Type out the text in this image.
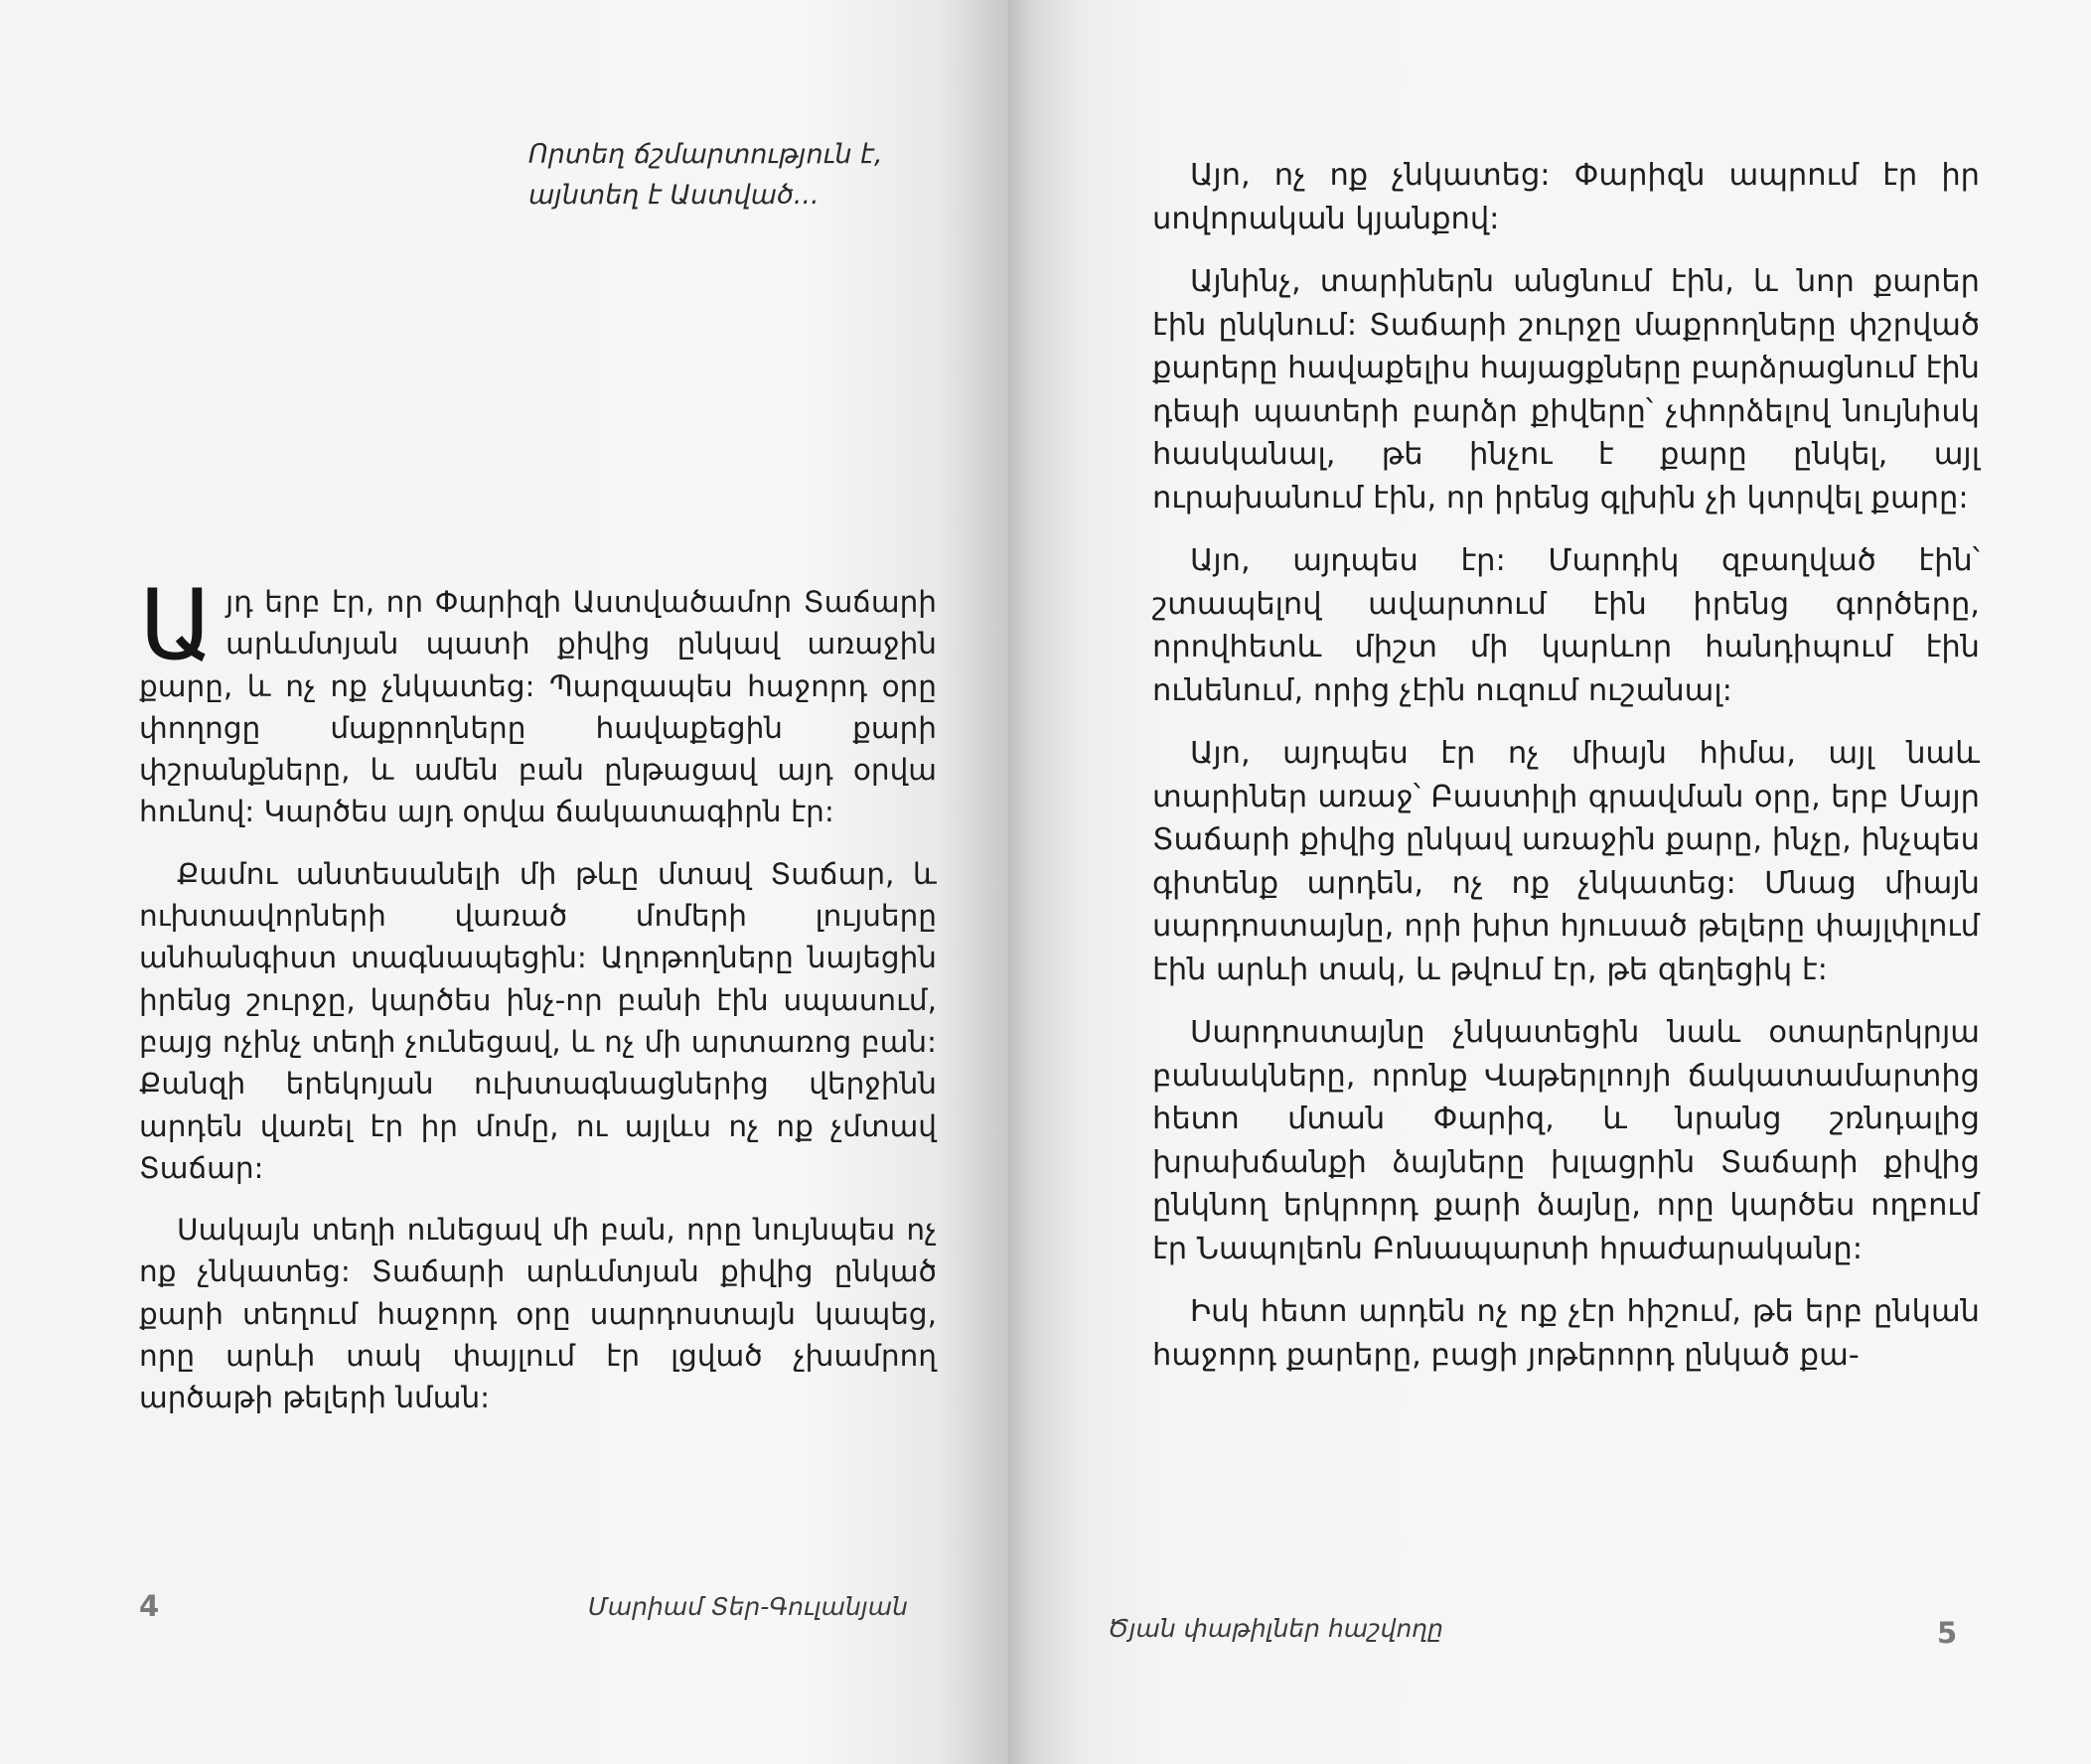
Որտեղ ճշմարտություն է,

այնտեղ է Աստված...

Այդ երբ էր, որ Փարիզի Աստվածամոր Տաճարի արևմտյան պատի քիվից ընկավ առաջին քարը, և ոչ ոք չնկատեց: Պարզապես հաջորդ օրը փողոցը մաքրողները հավաքեցին քարի փշրանքները, և ամեն բան ընթացավ այդ օրվա հունով: Կարծես այդ օրվա ճակատագիրն էր:

Քամու անտեսանելի մի թևը մտավ Տաճար, և ուխտավորների վառած մոմերի լույսերը անհանգիստ տագնապեցին: Աղոթողները նայեցին իրենց շուրջը, կարծես ինչ-որ բանի էին սպասում, բայց ոչինչ տեղի չունեցավ, և ոչ մի արտառոց բան: Քանզի երեկոյան ուխտագնացներից վերջինն արդեն վառել էր իր մոմը, ու այլևս ոչ ոք չմտավ Տաճար:

Սակայն տեղի ունեցավ մի բան, որը նույնպես ոչ ոք չնկատեց: Տաճարի արևմտյան քիվից ընկած քարի տեղում հաջորդ օրը սարդոստայն կապեց, որը արևի տակ փայլում էր լցված չխամրող արծաթի թելերի նման:

4	Մարիամ Տեր-Գուլանյան

Այո, ոչ ոք չնկատեց: Փարիզն ապրում էր իր սովորական կյանքով:

Այնինչ, տարիներն անցնում էին, և նոր քարեր էին ընկնում: Տաճարի շուրջը մաքրողները փշրված քարերը հավաքելիս հայացքները բարձրացնում էին դեպի պատերի բարձր քիվերը՝ չփորձելով նույնիսկ հասկանալ, թե ինչու է քարը ընկել, այլ ուրախանում էին, որ իրենց գլխին չի կտրվել քարը:

Այո, այդպես էր: Մարդիկ զբաղված էին՝ շտապելով ավարտում էին իրենց գործերը, որովհետև միշտ մի կարևոր հանդիպում էին ունենում, որից չէին ուզում ուշանալ:

Այո, այդպես էր ոչ միայն հիմա, այլ նաև տարիներ առաջ՝ Բաստիլի գրավման օրը, երբ Մայր Տաճարի քիվից ընկավ առաջին քարը, ինչը, ինչպես գիտենք արդեն, ոչ ոք չնկատեց: Մնաց միայն սարդոստայնը, որի խիտ հյուսած թելերը փայլփլում էին արևի տակ, և թվում էր, թե զեղեցիկ է:

Սարդոստայնը չնկատեցին նաև օտարերկրյա բանակները, որոնք Վաթերլոոյի ճակատամարտից հետո մտան Փարիզ, և նրանց շռնդալից խրախճանքի ձայները խլացրին Տաճարի քիվից ընկնող երկրորդ քարի ձայնը, որը կարծես ողբում էր Նապոլեոն Բոնապարտի հրաժարականը:

Իսկ հետո արդեն ոչ ոք չէր հիշում, թե երբ ընկան հաջորդ քարերը, բացի յոթերորդ ընկած քա-

Ծյան փաթիլներ հաշվողը	5
